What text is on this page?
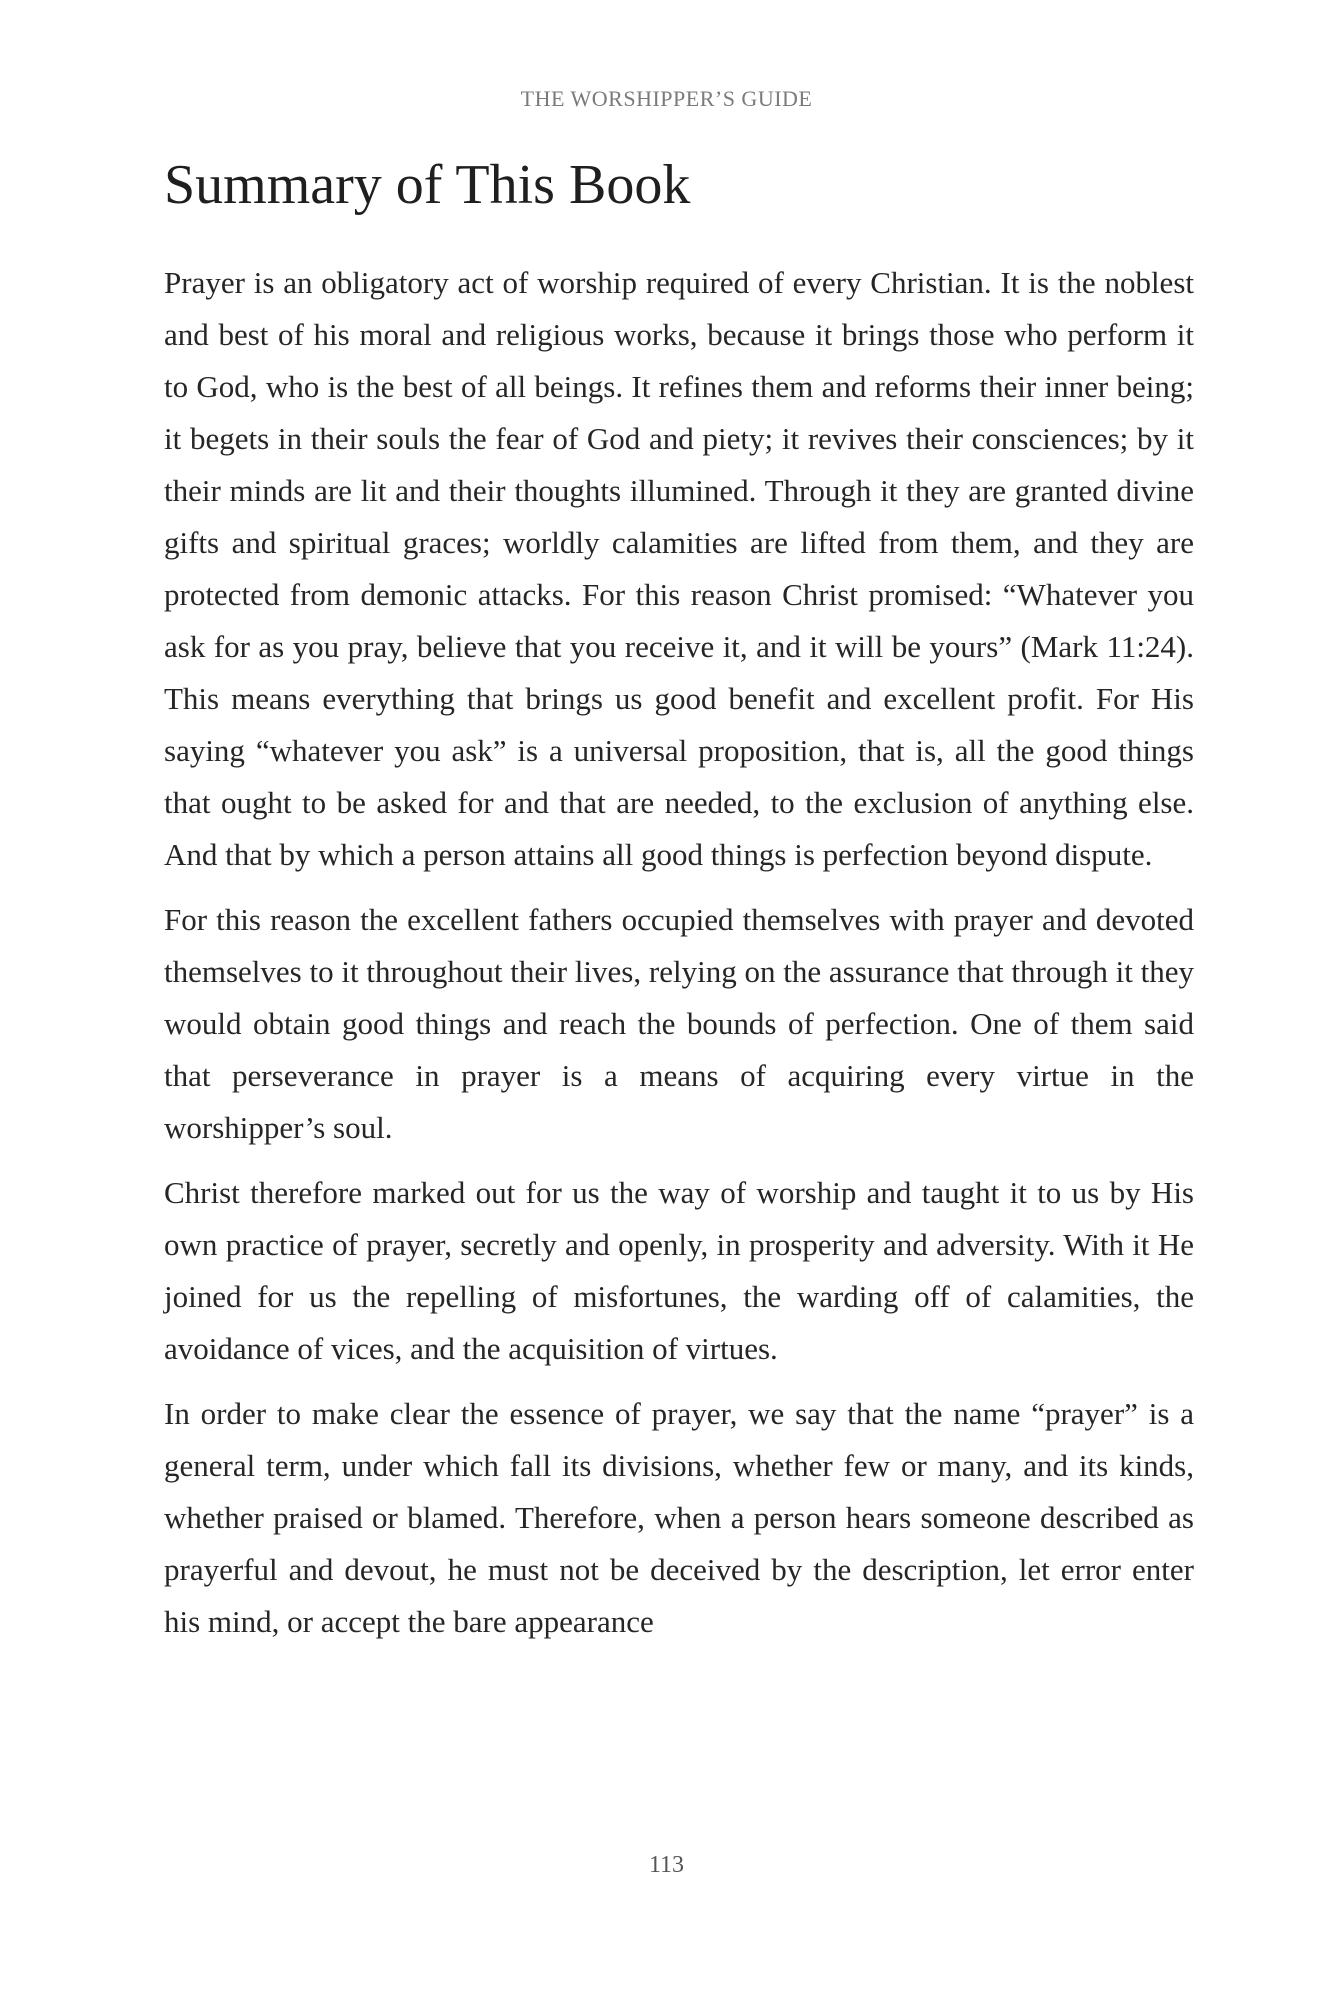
THE WORSHIPPER’S GUIDE
Summary of This Book

Prayer is an obligatory act of worship required of every Christian. It is the noblest and best of his moral and religious works, because it brings those who perform it to God, who is the best of all beings. It refines them and reforms their inner being; it begets in their souls the fear of God and piety; it revives their consciences; by it their minds are lit and their thoughts illumined. Through it they are granted divine gifts and spiritual graces; worldly calamities are lifted from them, and they are protected from demonic attacks. For this reason Christ promised: “Whatever you ask for as you pray, believe that you receive it, and it will be yours” (Mark 11:24). This means everything that brings us good benefit and excellent profit. For His saying “whatever you ask” is a universal proposition, that is, all the good things that ought to be asked for and that are needed, to the exclusion of anything else. And that by which a person attains all good things is perfection beyond dispute.

For this reason the excellent fathers occupied themselves with prayer and devoted themselves to it throughout their lives, relying on the assurance that through it they would obtain good things and reach the bounds of perfection. One of them said that perseverance in prayer is a means of acquiring every virtue in the worshipper’s soul.

Christ therefore marked out for us the way of worship and taught it to us by His own practice of prayer, secretly and openly, in prosperity and adversity. With it He joined for us the repelling of misfortunes, the warding off of calamities, the avoidance of vices, and the acquisition of virtues.

In order to make clear the essence of prayer, we say that the name “prayer” is a general term, under which fall its divisions, whether few or many, and its kinds, whether praised or blamed. Therefore, when a person hears someone described as prayerful and devout, he must not be deceived by the description, let error enter his mind, or accept the bare appearance

113
